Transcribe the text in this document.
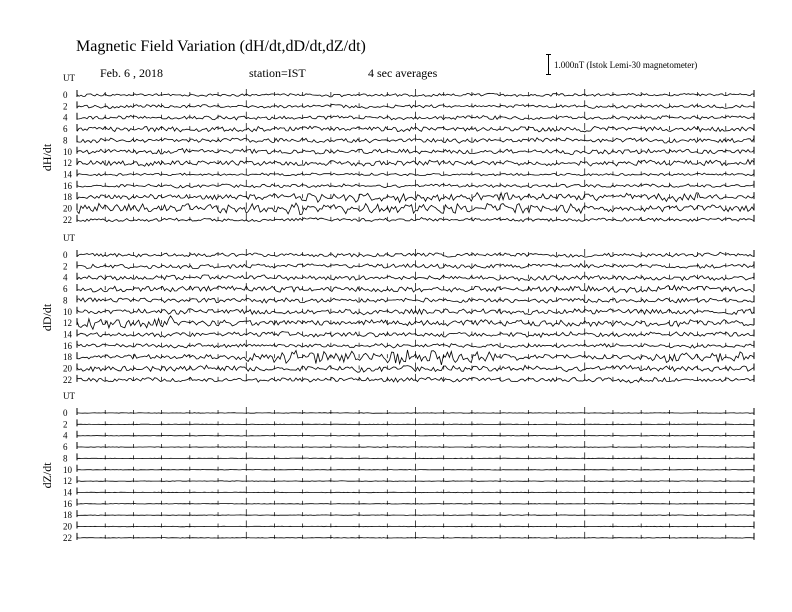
Magnetic Field Variation (dH/dt,dD/dt,dZ/dt)
Feb. 6 , 2018	station=IST	4 sec averages
1.000nT (Istok Lemi-30 magnetometer)
UT
dH/dt
0
2
4
6
8
10
12
14
16
18
20
22
UT
dD/dt
0
2
4
6
8
10
12
14
16
18
20
22
UT
dZ/dt
0
2
4
6
8
10
12
14
16
18
20
22
